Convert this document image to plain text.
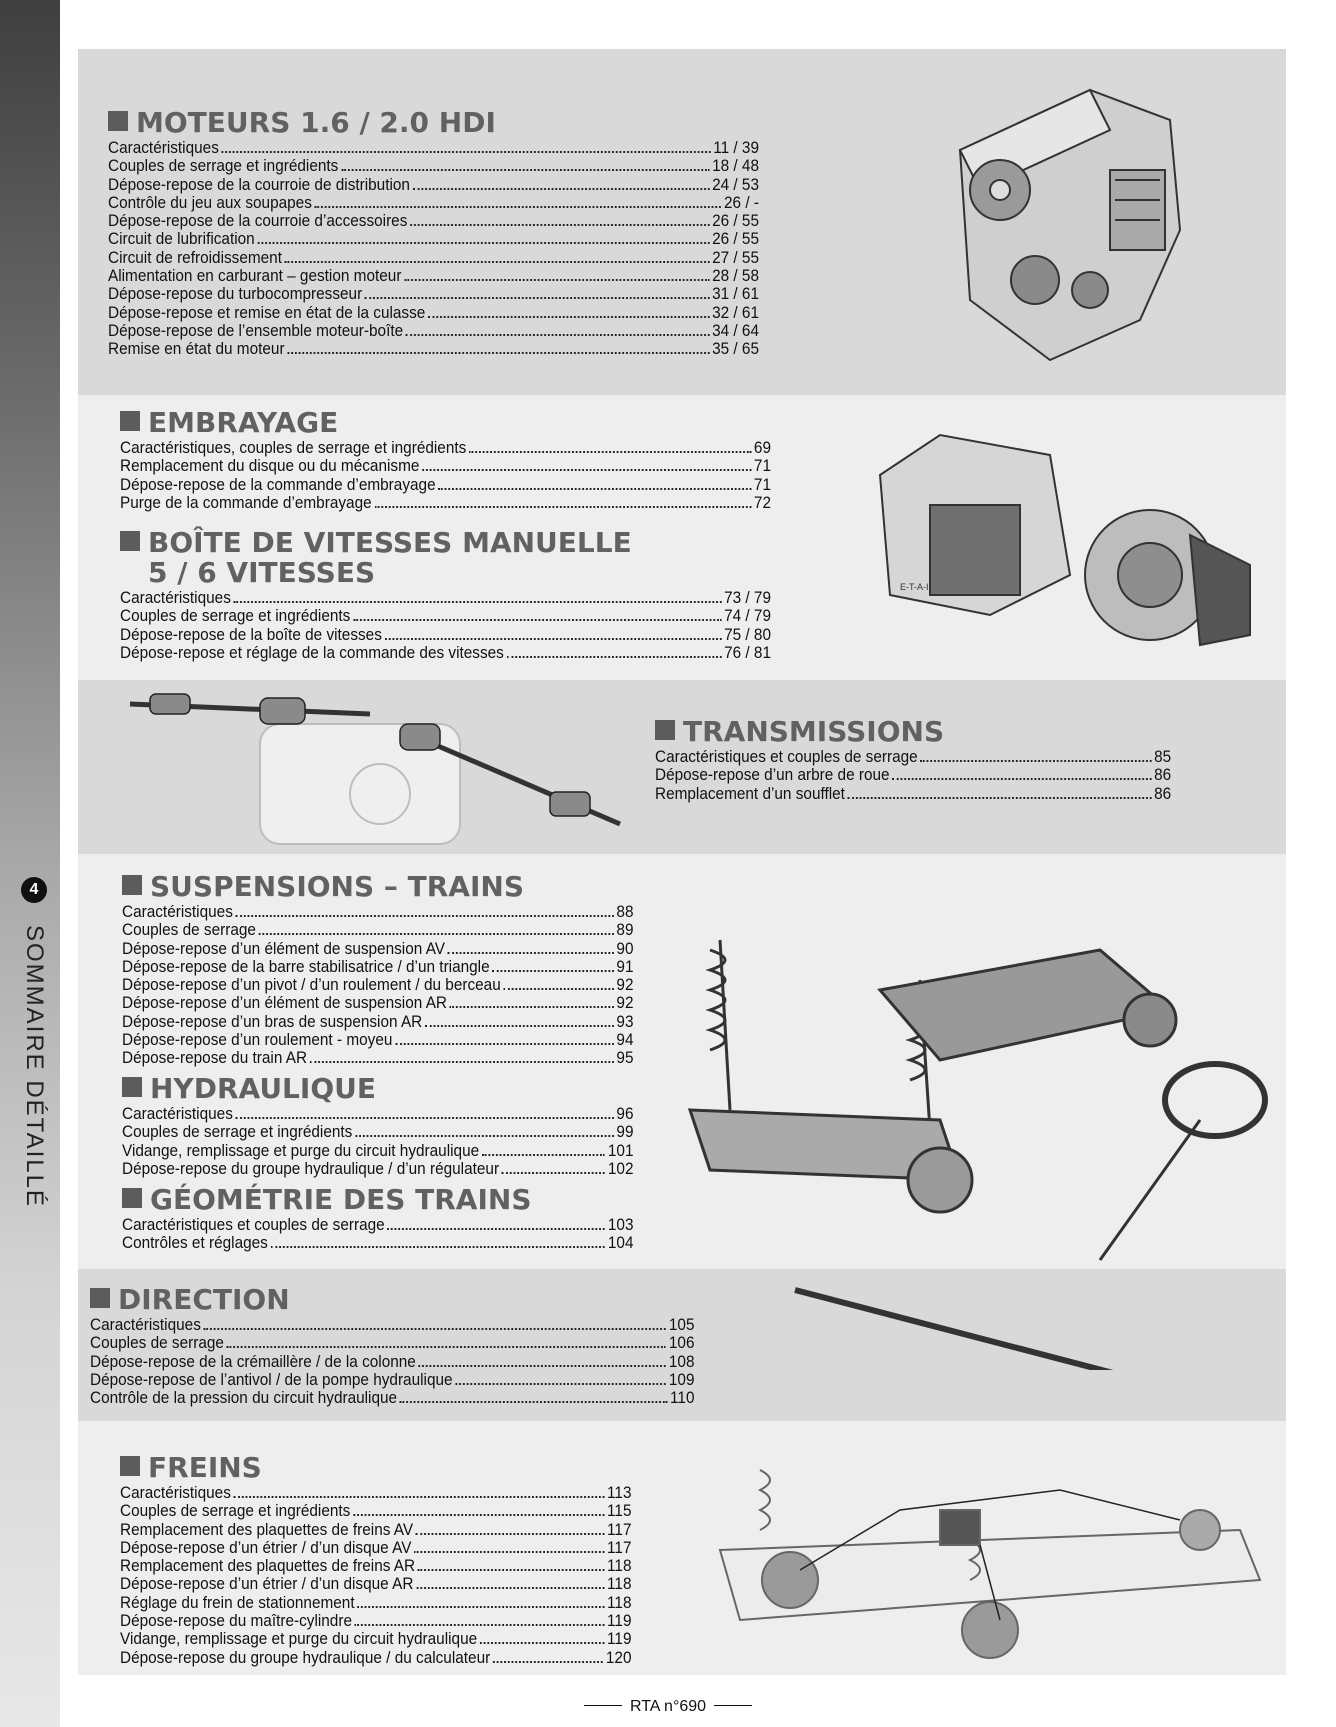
4
SOMMAIRE DÉTAILLÉ
MOTEURS 1.6 / 2.0 HDI
Caractéristiques	11 / 39
Couples de serrage et ingrédients	18 / 48
Dépose-repose de la courroie de distribution	24 / 53
Contrôle du jeu aux soupapes	26 / -
Dépose-repose de la courroie d’accessoires	26 / 55
Circuit de lubrification	26 / 55
Circuit de refroidissement	27 / 55
Alimentation en carburant – gestion moteur	28 / 58
Dépose-repose du turbocompresseur	31 / 61
Dépose-repose et remise en état de la culasse	32 / 61
Dépose-repose de l’ensemble moteur-boîte	34 / 64
Remise en état du moteur	35 / 65
EMBRAYAGE
Caractéristiques, couples de serrage et ingrédients	69
Remplacement du disque ou du mécanisme	71
Dépose-repose de la commande d’embrayage	71
Purge de la commande d’embrayage	72
BOÎTE DE VITESSES MANUELLE
5 / 6 VITESSES
Caractéristiques	73 / 79
Couples de serrage et ingrédients	74 / 79
Dépose-repose de la boîte de vitesses	75 / 80
Dépose-repose et réglage de la commande des vitesses	76 / 81
TRANSMISSIONS
Caractéristiques et couples de serrage	85
Dépose-repose d’un arbre de roue	86
Remplacement d’un soufflet	86
SUSPENSIONS – TRAINS
Caractéristiques	88
Couples de serrage	89
Dépose-repose d’un élément de suspension AV	90
Dépose-repose de la barre stabilisatrice / d’un triangle	91
Dépose-repose d’un pivot / d’un roulement / du berceau	92
Dépose-repose d’un élément de suspension AR	92
Dépose-repose d’un bras de suspension AR	93
Dépose-repose d’un roulement - moyeu	94
Dépose-repose du train AR	95
HYDRAULIQUE
Caractéristiques	96
Couples de serrage et ingrédients	99
Vidange, remplissage et purge du circuit hydraulique	101
Dépose-repose du groupe hydraulique / d’un régulateur	102
GÉOMÉTRIE DES TRAINS
Caractéristiques et couples de serrage	103
Contrôles et réglages	104
DIRECTION
Caractéristiques	105
Couples de serrage	106
Dépose-repose de la crémaillère / de la colonne	108
Dépose-repose de l’antivol / de la pompe hydraulique	109
Contrôle de la pression du circuit hydraulique	110
FREINS
Caractéristiques	113
Couples de serrage et ingrédients	115
Remplacement des plaquettes de freins AV	117
Dépose-repose d’un étrier / d’un disque AV	117
Remplacement des plaquettes de freins AR	118
Dépose-repose d’un étrier / d’un disque AR	118
Réglage du frein de stationnement	118
Dépose-repose du maître-cylindre	119
Vidange, remplissage et purge du circuit hydraulique	119
Dépose-repose du groupe hydraulique / du calculateur	120
E-T-A-I
RTA n°690
